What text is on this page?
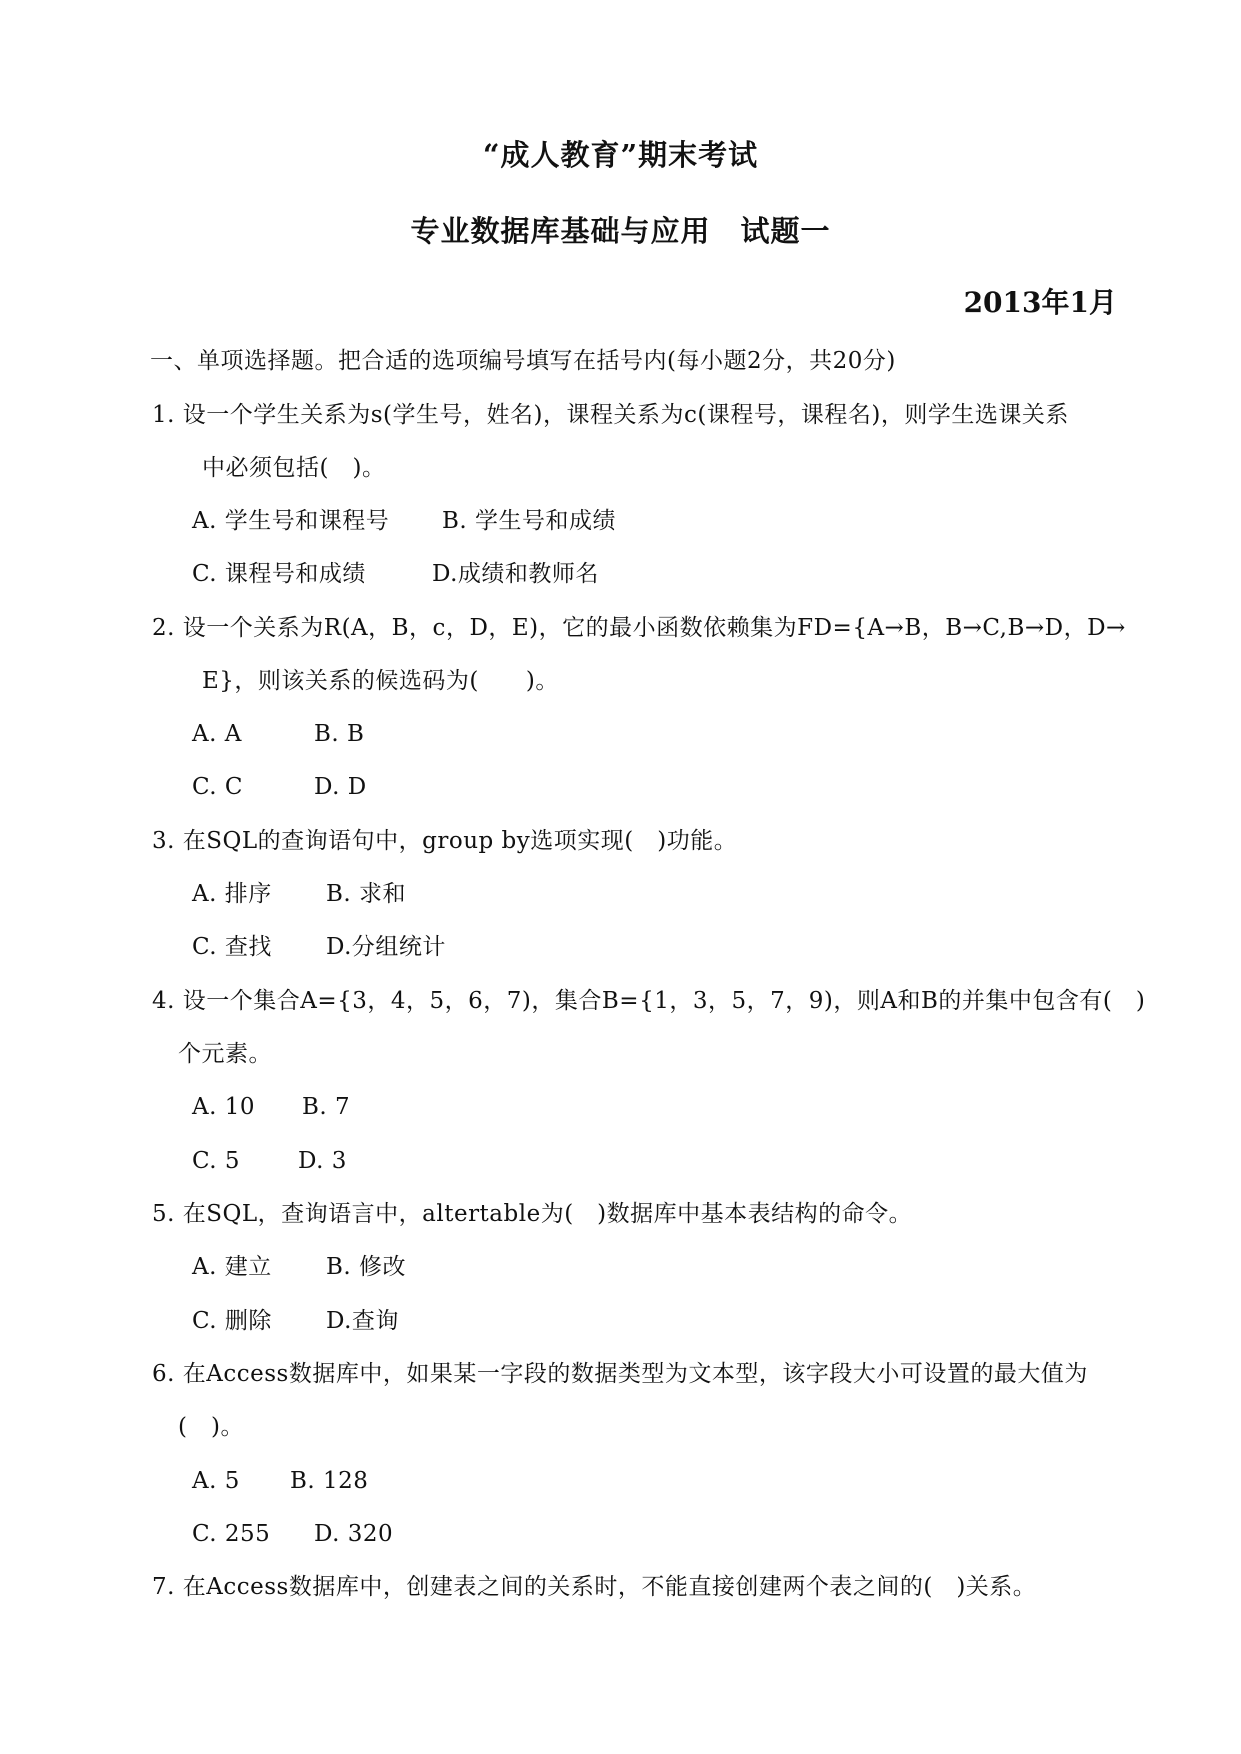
“成人教育”期末考试
专业数据库基础与应用　试题一
2013年1月
一、单项选择题。把合适的选项编号填写在括号内(每小题2分，共20分)
1. 设一个学生关系为s(学生号，姓名)，课程关系为c(课程号，课程名)，则学生选课关系
中必须包括(　)。
A. 学生号和课程号 B. 学生号和成绩
C. 课程号和成绩	D.成绩和教师名
2. 设一个关系为R(A，B，c，D，E)，它的最小函数依赖集为FD={A→B，B→C,B→D，D→
E}，则该关系的候选码为(　　)。
A. A	B. B
C. C	D. D
3. 在SQL的查询语句中，group by选项实现(　)功能。
A. 排序 B. 求和
C. 查找 D.分组统计
4. 设一个集合A={3，4，5，6，7)，集合B={1，3，5，7，9)，则A和B的并集中包含有(　)
个元素。
A. 10 B. 7
C. 5	D. 3
5. 在SQL，查询语言中，altertable为(　)数据库中基本表结构的命令。
A. 建立 B. 修改
C. 删除 D.查询
6. 在Access数据库中，如果某一字段的数据类型为文本型，该字段大小可设置的最大值为
(　)。
A. 5 B. 128
C. 255 D. 320
7. 在Access数据库中，创建表之间的关系时，不能直接创建两个表之间的(　)关系。
